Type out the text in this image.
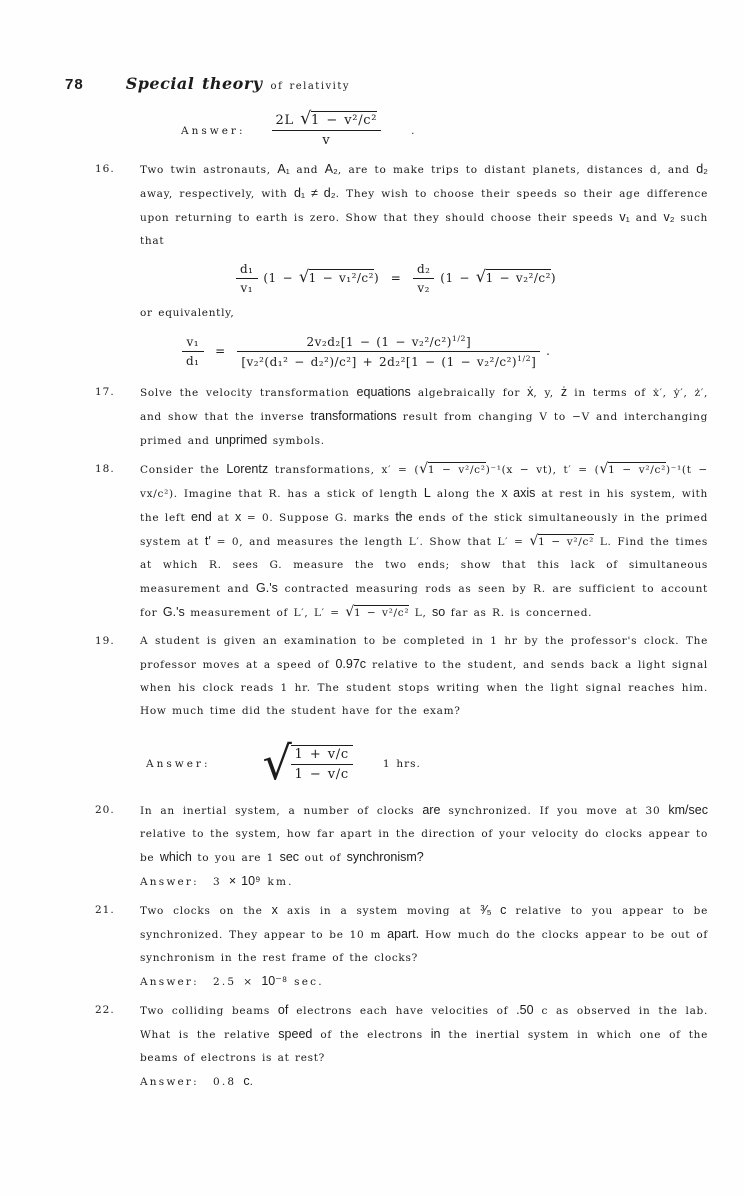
78	Special theory of relativity
Answer: $\frac{\text{2L √1 − v²/c²}}{v}$	.
16.	Two twin astronauts, A₁ and A₂, are to make trips to distant planets, distances d, and d₂ away, respectively, with d₁ ≠ d₂. They wish to choose their speeds so their age difference upon returning to earth is zero. Show that they should choose their speeds v₁ and v₂ such that

$\frac{\text{d₁}}{\text{v₁}} (1 - √1 - v_1^2/c^2) = \frac{\text{d₂}}{\text{v₂}} (1 - √1 - v_2^2/c^2)$

or equivalently,

$\frac{\text{v₁}}{\text{d₁}} = \frac{2v_2d_2[1 - (1 - v_2^2/c^2)^{1/2}]}{[v_2^2(d_1^2 - d_2^2)/c^2] + 2d_2^2[1 - (1 - v_2^2/c^2)^{1/2}]}$ .
17.	Solve the velocity transformation equations algebraically for ẋ, y, ż in terms of ẋ′, ẏ′, ż′, and show that the inverse transformations result from changing V to −V and interchanging primed and unprimed symbols.

18.	Consider the Lorentz transformations, x′ = (√1 − v²/c²)⁻¹(x − vt), t′ = (√1 − v²/c²)⁻¹(t − vx/c²). Imagine that R. has a stick of length L along the x axis at rest in his system, with the left end at x = 0. Suppose G. marks the ends of the stick simultaneously in the primed system at t′ = 0, and measures the length L′. Show that L′ = √1 − v²/c² L. Find the times at which R. sees G. measure the two ends; show that this lack of simultaneous measurement and G.'s contracted measuring rods as seen by R. are sufficient to account for G.'s measurement of L′, L′ = √1 − v²/c² L, so far as R. is concerned.

19.	A student is given an examination to be completed in 1 hr by the professor's clock. The professor moves at a speed of 0.97c relative to the student, and sends back a light signal when his clock reads 1 hr. The student stops writing when the light signal reaches him. How much time did the student have for the exam?

Answer: √
$\frac{1 + v/c}{1 - v/c}$	1 hrs.
20.	In an inertial system, a number of clocks are synchronized. If you move at 30 km/sec relative to the system, how far apart in the direction of your velocity do clocks appear to be which to you are 1 sec out of synchronism?

Answer:  3 × 10⁹ km.

21.	Two clocks on the x axis in a system moving at ³⁄₅ c relative to you appear to be synchronized. They appear to be 10 m apart. How much do the clocks appear to be out of synchronism in the rest frame of the clocks?

Answer:  2.5 × 10⁻⁸ sec.

22.	Two colliding beams of electrons each have velocities of .50 c as observed in the lab. What is the relative speed of the electrons in the inertial system in which one of the beams of electrons is at rest?

Answer:  0.8 c.
